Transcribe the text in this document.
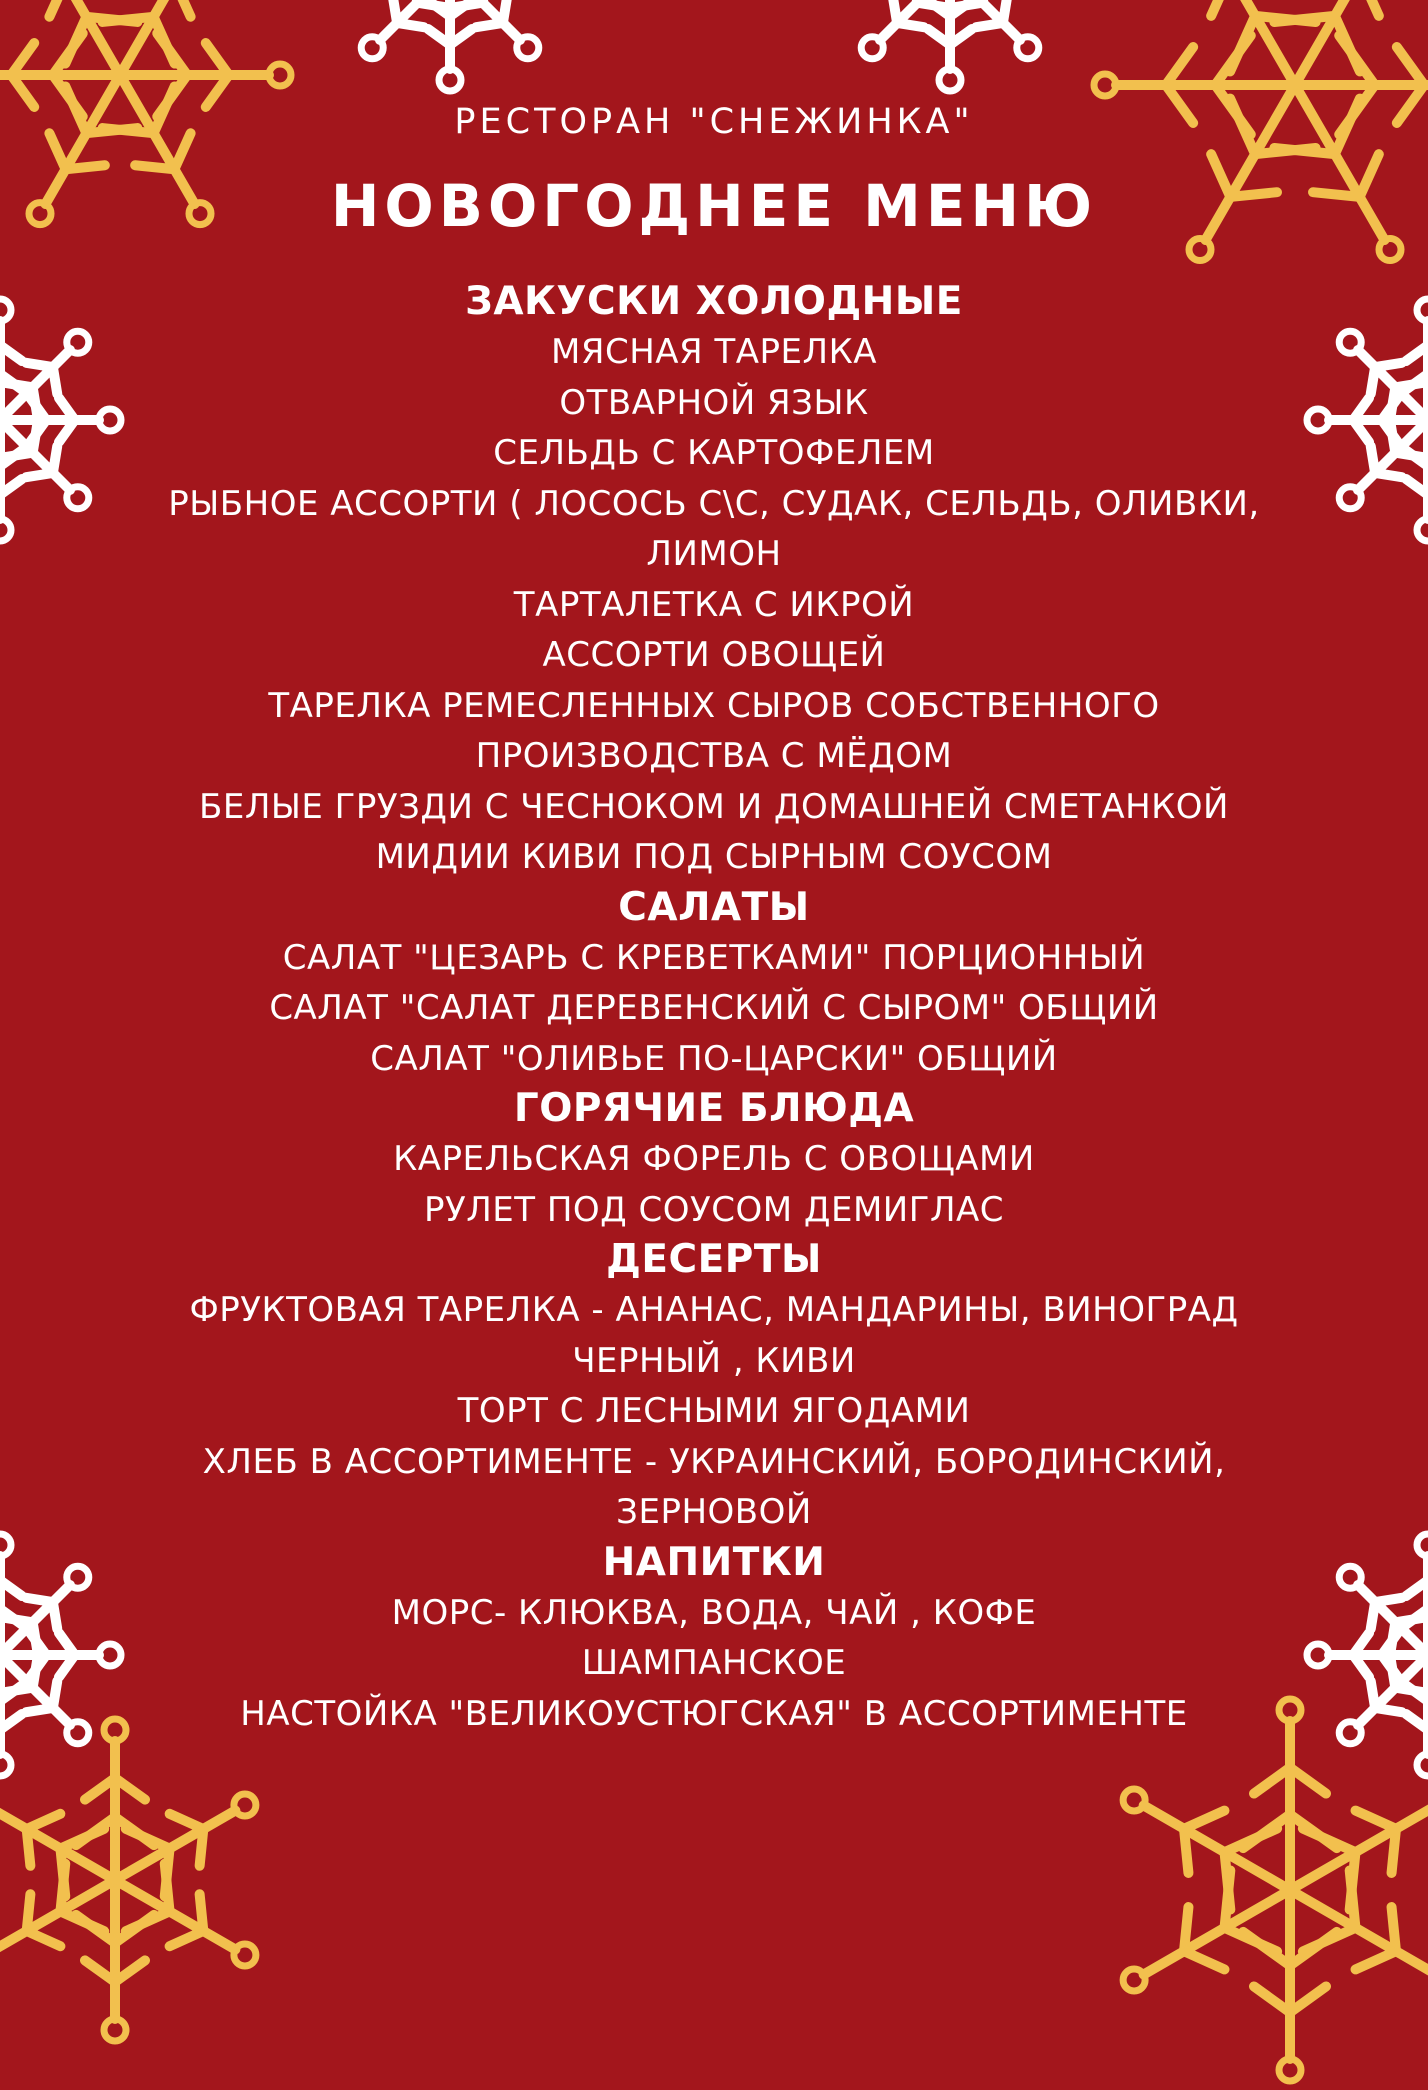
РЕСТОРАН "СНЕЖИНКА"
НОВОГОДНЕЕ МЕНЮ
ЗАКУСКИ ХОЛОДНЫЕ
МЯСНАЯ ТАРЕЛКА
ОТВАРНОЙ ЯЗЫК
СЕЛЬДЬ С КАРТОФЕЛЕМ
РЫБНОЕ АССОРТИ ( ЛОСОСЬ С\С, СУДАК, СЕЛЬДЬ, ОЛИВКИ,
ЛИМОН
ТАРТАЛЕТКА С ИКРОЙ
АССОРТИ ОВОЩЕЙ
ТАРЕЛКА РЕМЕСЛЕННЫХ СЫРОВ СОБСТВЕННОГО
ПРОИЗВОДСТВА С МЁДОМ
БЕЛЫЕ ГРУЗДИ С ЧЕСНОКОМ И ДОМАШНЕЙ СМЕТАНКОЙ
МИДИИ КИВИ ПОД СЫРНЫМ СОУСОМ
САЛАТЫ
САЛАТ "ЦЕЗАРЬ С КРЕВЕТКАМИ" ПОРЦИОННЫЙ
САЛАТ "САЛАТ ДЕРЕВЕНСКИЙ С СЫРОМ" ОБЩИЙ
САЛАТ "ОЛИВЬЕ ПО-ЦАРСКИ" ОБЩИЙ
ГОРЯЧИЕ БЛЮДА
КАРЕЛЬСКАЯ ФОРЕЛЬ С ОВОЩАМИ
РУЛЕТ ПОД СОУСОМ ДЕМИГЛАС
ДЕСЕРТЫ
ФРУКТОВАЯ ТАРЕЛКА - АНАНАС, МАНДАРИНЫ, ВИНОГРАД
ЧЕРНЫЙ , КИВИ
ТОРТ С ЛЕСНЫМИ ЯГОДАМИ
ХЛЕБ В АССОРТИМЕНТЕ - УКРАИНСКИЙ, БОРОДИНСКИЙ,
ЗЕРНОВОЙ
НАПИТКИ
МОРС- КЛЮКВА, ВОДА, ЧАЙ , КОФЕ
ШАМПАНСКОЕ
НАСТОЙКА "ВЕЛИКОУСТЮГСКАЯ" В АССОРТИМЕНТЕ
